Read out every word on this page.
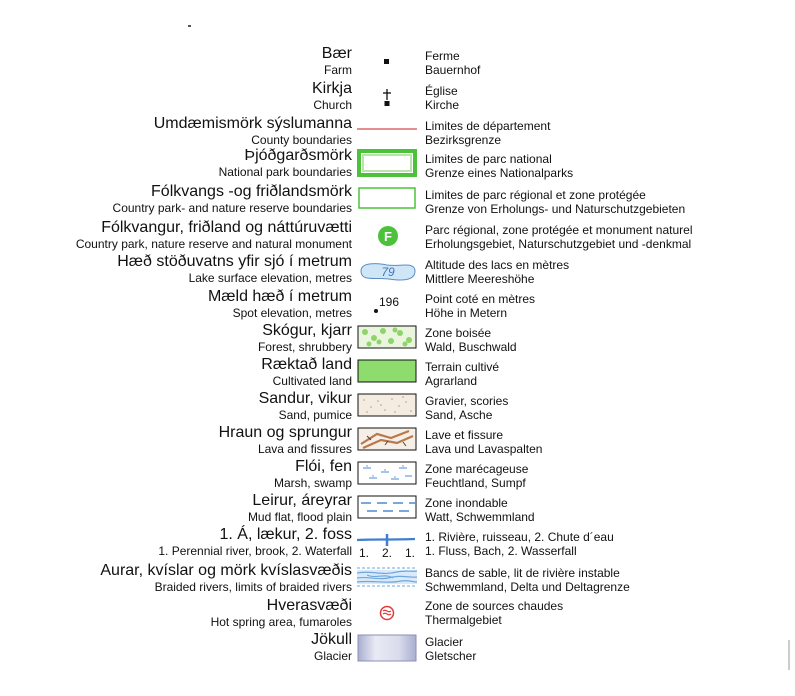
Bær
Farm
Ferme
Bauernhof
Kirkja
Church
Église
Kirche
Umdæmismörk sýslumanna
County boundaries
Limites de département
Bezirksgrenze
Þjóðgarðsmörk
National park boundaries
Limites de parc national
Grenze eines Nationalparks
Fólkvangs -og friðlandsmörk
Country park- and nature reserve boundaries
Limites de parc régional et zone protégée
Grenze von Erholungs- und Naturschutzgebieten
Fólkvangur, friðland og náttúruvætti
Country park, nature reserve and natural monument F	Parc régional, zone protégée et monument naturel
Erholungsgebiet, Naturschutzgebiet und -denkmal
Hæð stöðuvatns yfir sjó í metrum
Lake surface elevation, metres 79	Altitude des lacs en mètres
Mittlere Meereshöhe
Mæld hæð í metrum
Spot elevation, metres
196 Point coté en mètres
Höhe in Metern
Skógur, kjarr
Forest, shrubbery
Zone boisée
Wald, Buschwald
Ræktað land
Cultivated land
Terrain cultivé
Agrarland
Sandur, vikur
Sand, pumice
Gravier, scories
Sand, Asche
Hraun og sprungur
Lava and fissures
Lave et fissure
Lava und Lavaspalten
Flói, fen
Marsh, swamp
Zone marécageuse
Feuchtland, Sumpf
Leirur, áreyrar
Mud flat, flood plain
Zone inondable
Watt, Schwemmland
1. Á, lækur, 2. foss
1. Perennial river, brook, 2. Waterfall 1. 2. 1.
1. Rivière, ruisseau, 2. Chute d´eau
1. Fluss, Bach, 2. Wasserfall
Aurar, kvíslar og mörk kvíslasvæðis
Braided rivers, limits of braided rivers
Bancs de sable, lit de rivière instable
Schwemmland, Delta und Deltagrenze
Hverasvæði
Hot spring area, fumaroles
Zone de sources chaudes
Thermalgebiet
Jökull
Glacier
Glacier
Gletscher
